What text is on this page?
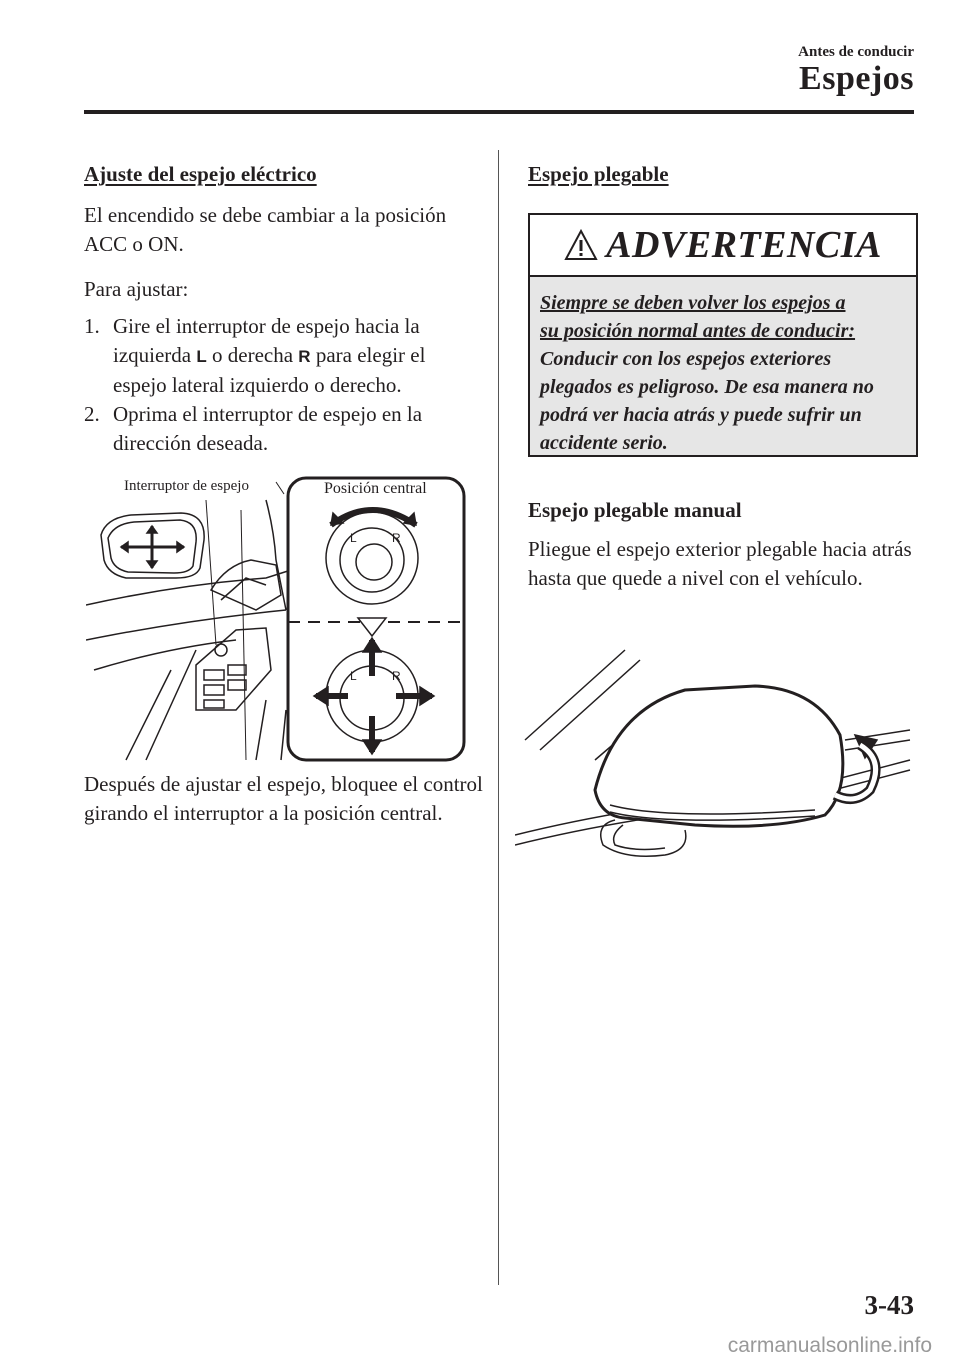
Antes de conducir
Espejos

Ajuste del espejo eléctrico

El encendido se debe cambiar a la posición ACC o ON.

Para ajustar:

1. Gire el interruptor de espejo hacia la
izquierda L o derecha R para elegir el
espejo lateral izquierdo o derecho.
2. Oprima el interruptor de espejo en la dirección deseada.
L	R
L	R
Interruptor de espejo	Posición central

Después de ajustar el espejo, bloquee el control girando el interruptor a la posición central.

Espejo plegable

ADVERTENCIA
Siempre se deben volver los espejos a
su posición normal antes de conducir:
Conducir con los espejos exteriores plegados es peligroso. De esa manera no podrá ver hacia atrás y puede sufrir un accidente serio.

Espejo plegable manual

Pliegue el espejo exterior plegable hacia atrás hasta que quede a nivel con el vehículo.

3-43
carmanualsonline.info
